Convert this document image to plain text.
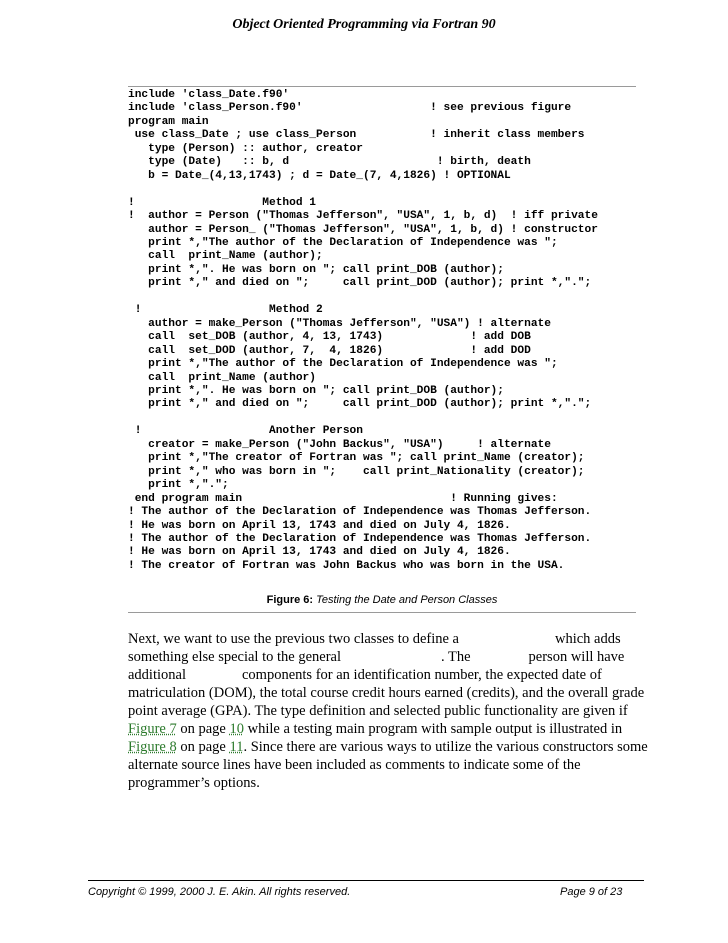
Object Oriented Programming via Fortran 90
include 'class_Date.f90'
include 'class_Person.f90'                   ! see previous figure
program main
use class_Date ; use class_Person           ! inherit class members
type (Person) :: author, creator
type (Date)   :: b, d                      ! birth, death
b = Date_(4,13,1743) ; d = Date_(7, 4,1826) ! OPTIONAL

!                   Method 1
!  author = Person ("Thomas Jefferson", "USA", 1, b, d)  ! iff private
author = Person_ ("Thomas Jefferson", "USA", 1, b, d) ! constructor
print *,"The author of the Declaration of Independence was ";
call  print_Name (author);
print *,". He was born on "; call print_DOB (author);
print *," and died on ";     call print_DOD (author); print *,".";

!                   Method 2
author = make_Person ("Thomas Jefferson", "USA") ! alternate
call  set_DOB (author, 4, 13, 1743)             ! add DOB
call  set_DOD (author, 7,  4, 1826)             ! add DOD
print *,"The author of the Declaration of Independence was ";
call  print_Name (author)
print *,". He was born on "; call print_DOB (author);
print *," and died on ";     call print_DOD (author); print *,".";

!                   Another Person
creator = make_Person ("John Backus", "USA")     ! alternate
print *,"The creator of Fortran was "; call print_Name (creator);
print *," who was born in ";    call print_Nationality (creator);
print *,".";
end program main                               ! Running gives:
! The author of the Declaration of Independence was Thomas Jefferson.
! He was born on April 13, 1743 and died on July 4, 1826.
! The author of the Declaration of Independence was Thomas Jefferson.
! He was born on April 13, 1743 and died on July 4, 1826.
! The creator of Fortran was John Backus who was born in the USA.
Figure 6: Testing the Date and Person Classes
Next, we want to use the previous two classes to define a	which adds
something else special to the general	. The	person will have
additional	components for an identification number, the expected date of
matriculation (DOM), the total course credit hours earned (credits), and the overall grade
point average (GPA). The type definition and selected public functionality are given if
Figure 7 on page 10 while a testing main program with sample output is illustrated in
Figure 8 on page 11. Since there are various ways to utilize the various constructors some
alternate source lines have been included as comments to indicate some of the
programmer’s options.
Copyright © 1999, 2000 J. E. Akin. All rights reserved.	Page 9 of 23
